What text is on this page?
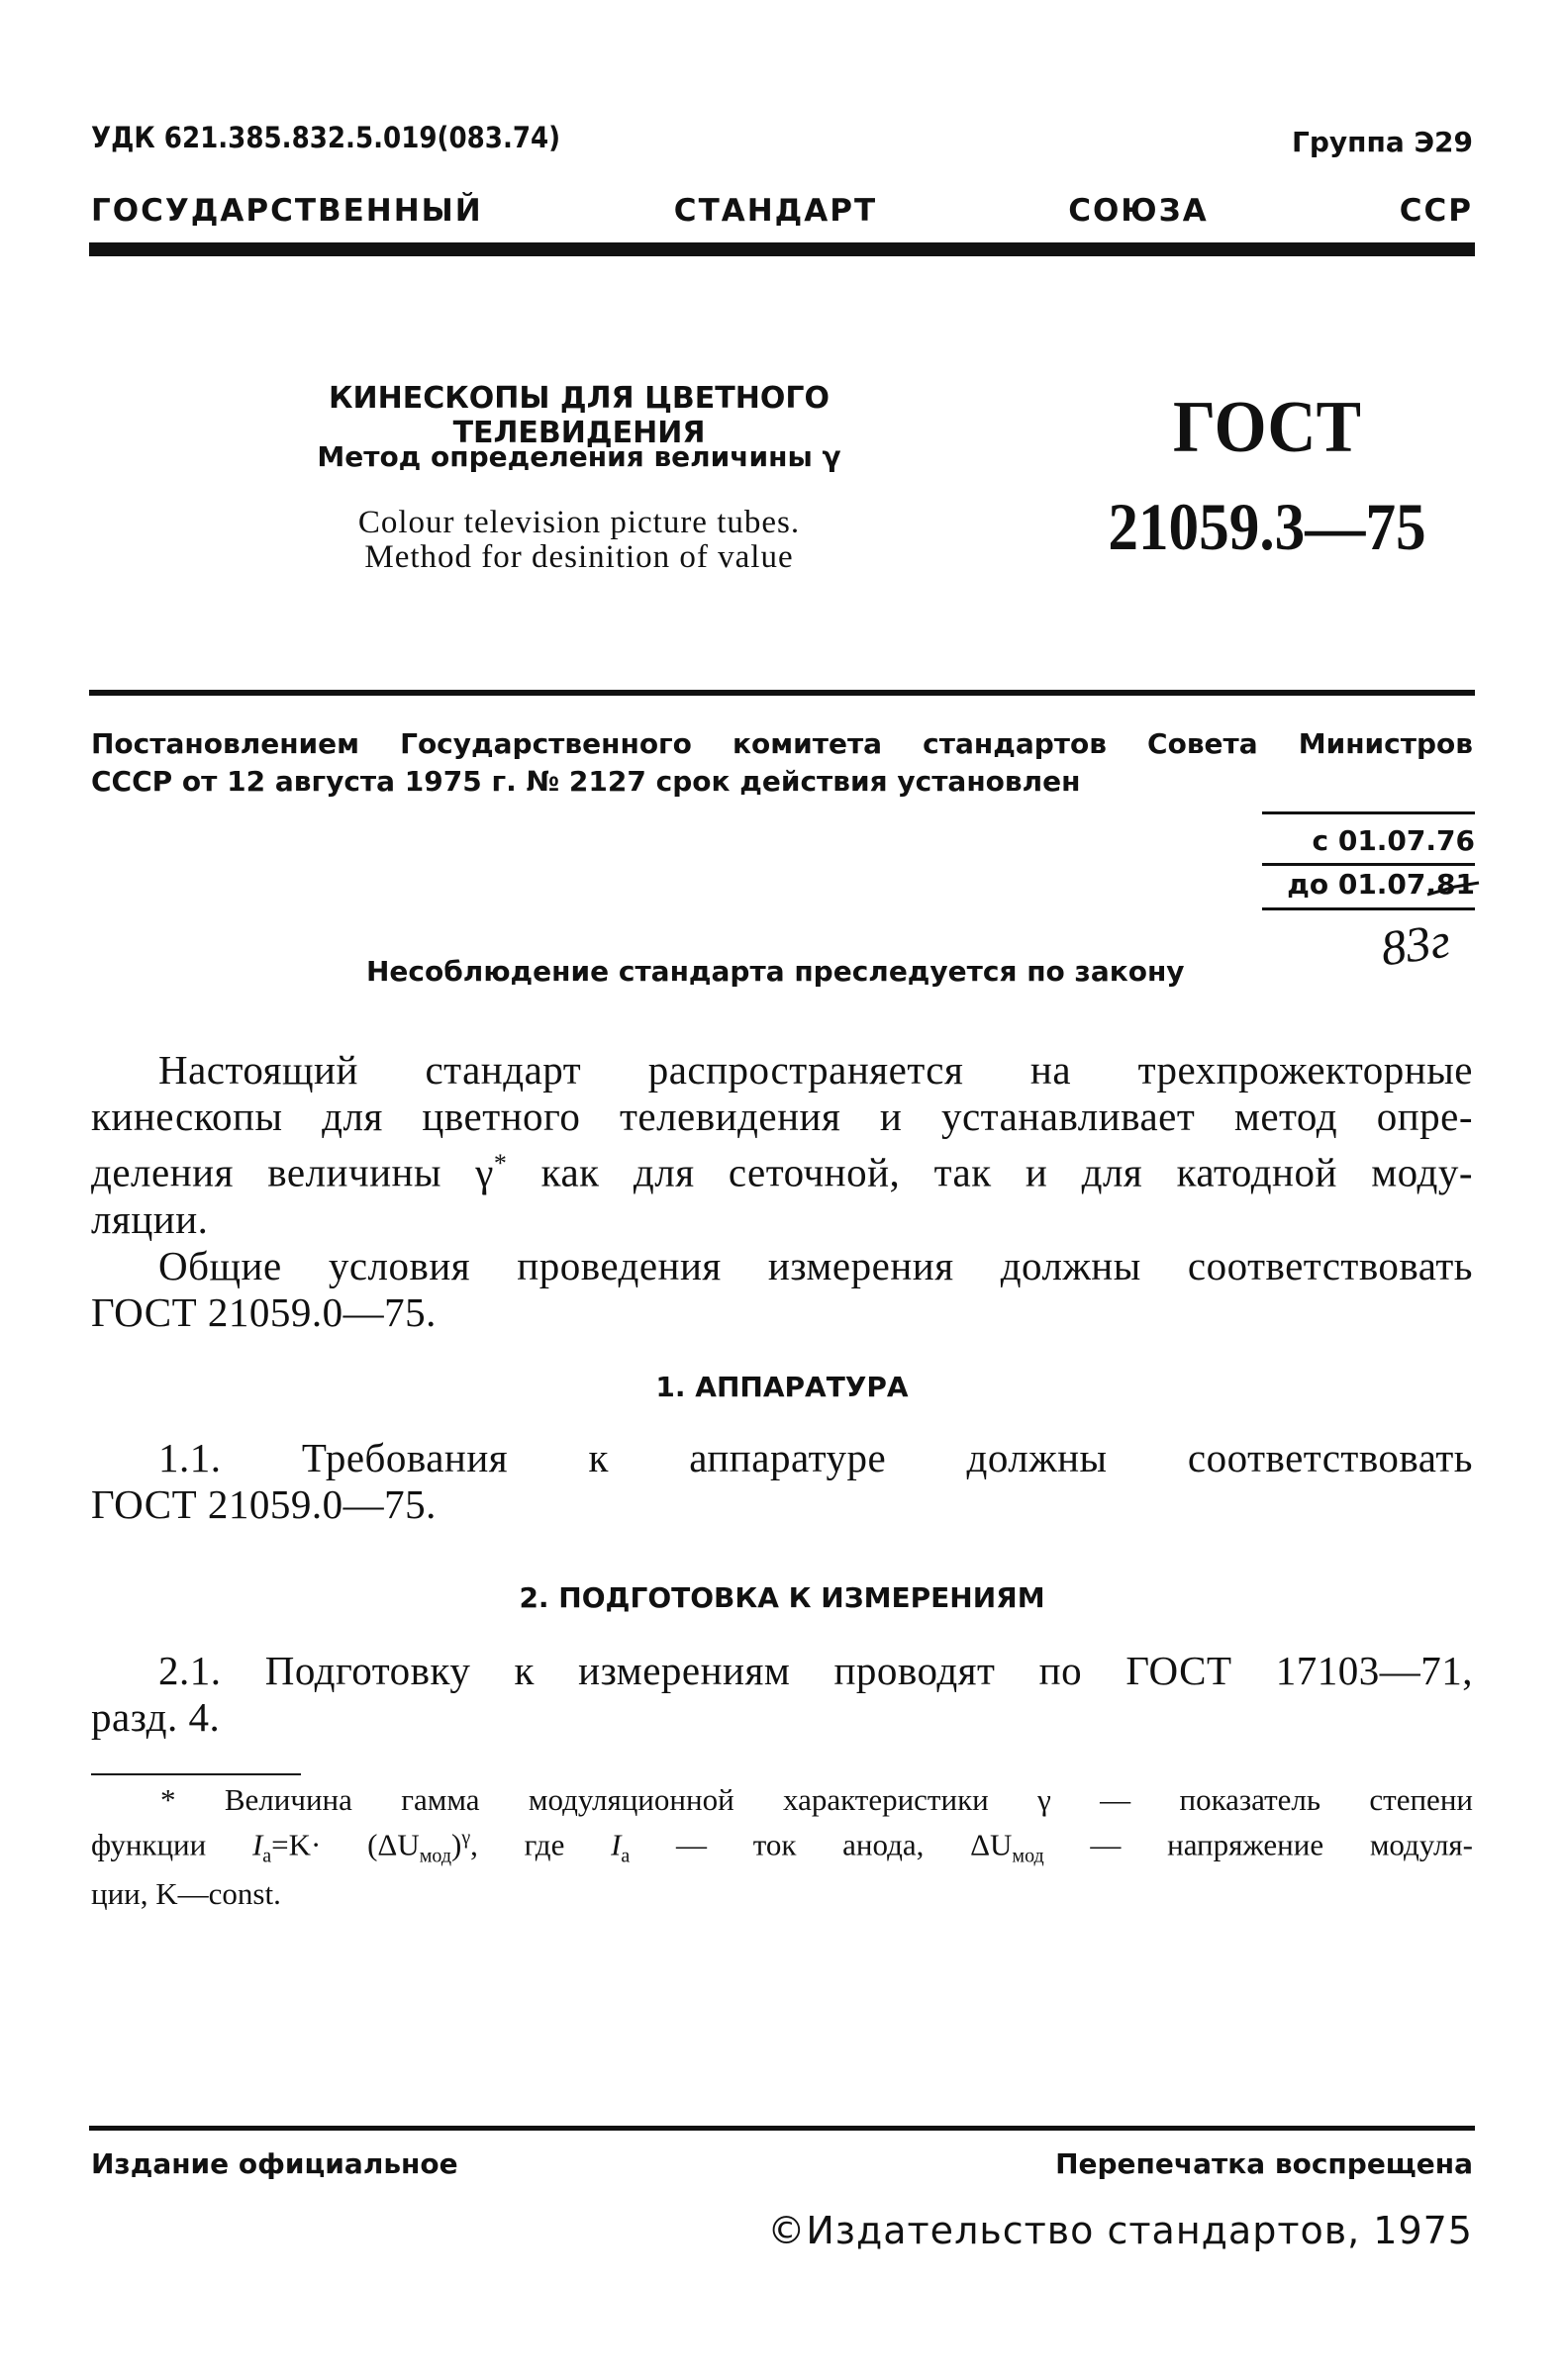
УДК 621.385.832.5.019(083.74)	Группа Э29
ГОСУДАРСТВЕННЫЙ СТАНДАРТ СОЮЗА ССР
КИНЕСКОПЫ ДЛЯ ЦВЕТНОГО ТЕЛЕВИДЕНИЯ
Метод определения величины γ
Colour television picture tubes.
Method for desinition of value
ГОСТ
21059.3—75
Постановлением Государственного комитета стандартов Совета Министров
СССР от 12 августа 1975 г. № 2127 срок действия установлен
с 01.07.76
до 01.07.81
83г
Несоблюдение стандарта преследуется по закону
Настоящий стандарт распространяется на трехпрожекторные
кинескопы для цветного телевидения и устанавливает метод опре-
деления величины γ* как для сеточной, так и для катодной моду-
ляции.
Общие условия проведения измерения должны соответствовать
ГОСТ 21059.0—75.
1. АППАРАТУРА
1.1. Требования к аппаратуре должны соответствовать
ГОСТ 21059.0—75.
2. ПОДГОТОВКА К ИЗМЕРЕНИЯМ
2.1. Подготовку к измерениям проводят по ГОСТ 17103—71,
разд. 4.
* Величина гамма модуляционной характеристики γ — показатель степени
функции $I_а=K\cdot (\Delta U_{мод})^\gamma$, где $I_а$ — ток анода, $\Delta U_{мод}$ — напряжение модуля-
ции, K—const.
Издание официальное	Перепечатка воспрещена
©Издательство стандартов, 1975
